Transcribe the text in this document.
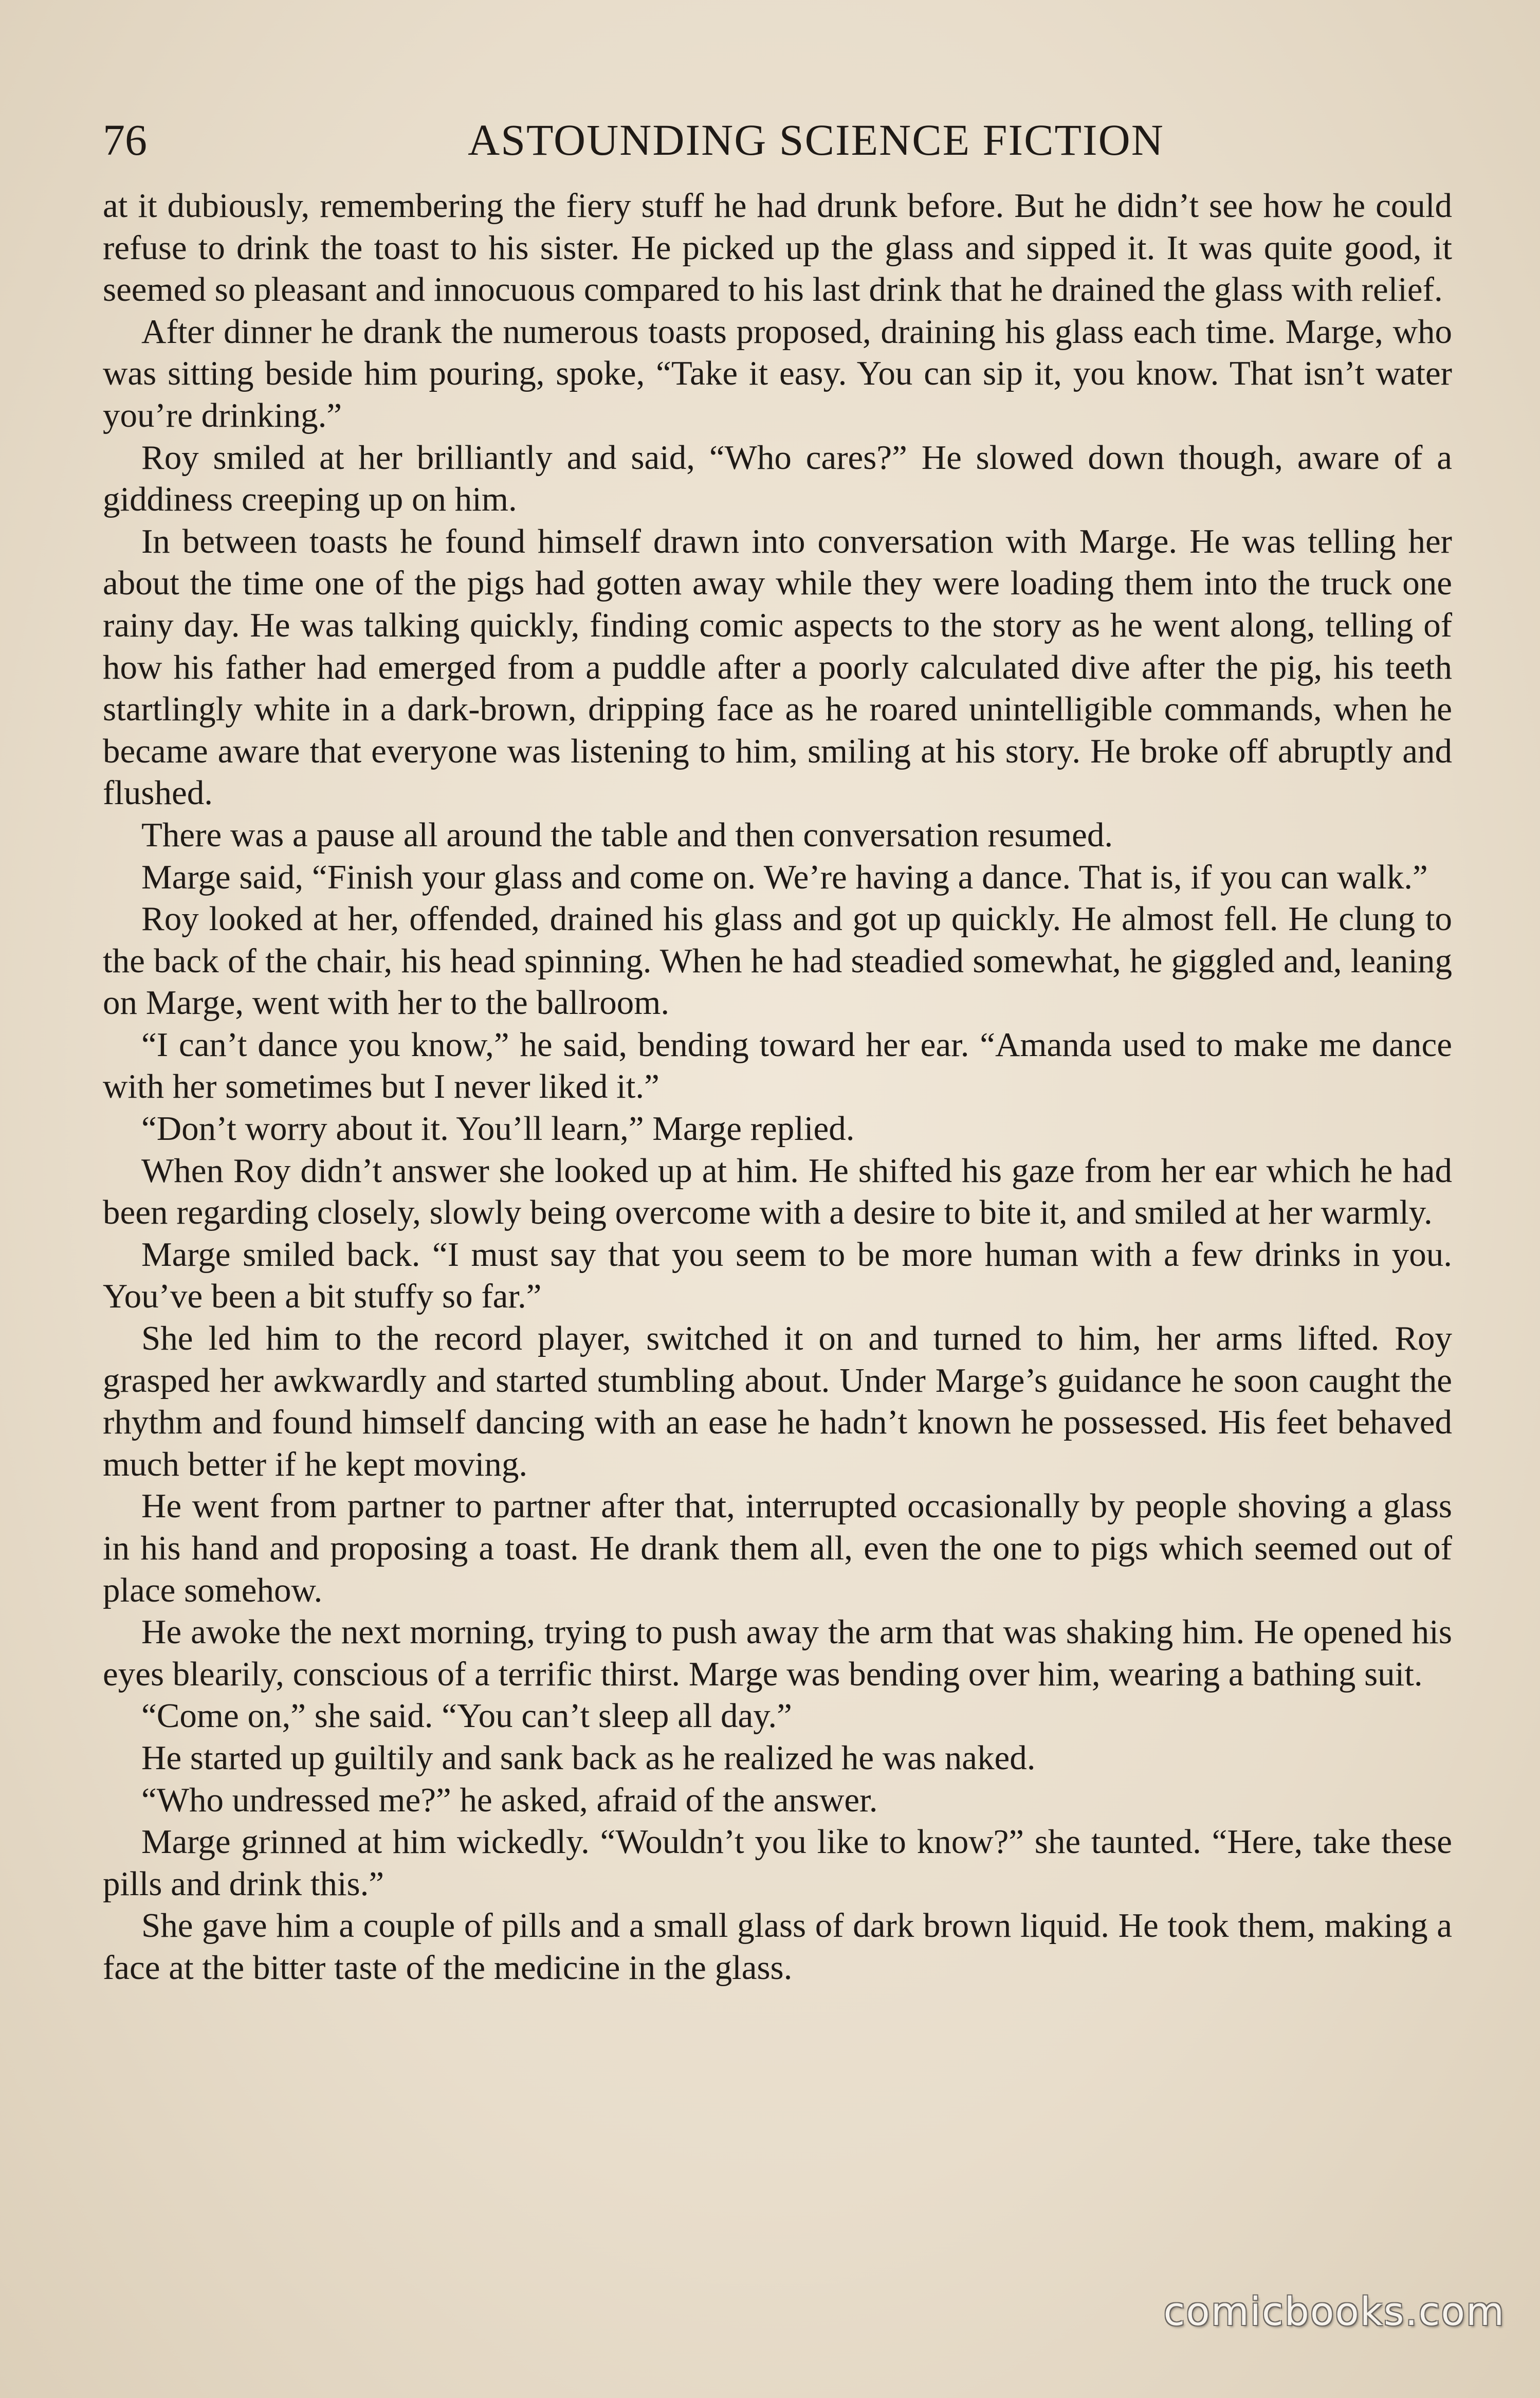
76	ASTOUNDING SCIENCE FICTION

at it dubiously, remembering the fiery stuff he had drunk before. But he didn’t see how he could refuse to drink the toast to his sister. He picked up the glass and sipped it. It was quite good, it seemed so pleasant and innocuous compared to his last drink that he drained the glass with relief.

After dinner he drank the numerous toasts proposed, draining his glass each time. Marge, who was sitting beside him pouring, spoke, “Take it easy. You can sip it, you know. That isn’t water you’re drinking.”

Roy smiled at her brilliantly and said, “Who cares?” He slowed down though, aware of a giddiness creeping up on him.

In between toasts he found himself drawn into conversation with Marge. He was telling her about the time one of the pigs had gotten away while they were loading them into the truck one rainy day. He was talking quickly, finding comic aspects to the story as he went along, telling of how his father had emerged from a puddle after a poorly calculated dive after the pig, his teeth startlingly white in a dark-brown, dripping face as he roared unintelligible commands, when he became aware that everyone was listening to him, smiling at his story. He broke off abruptly and flushed.

There was a pause all around the table and then conversation resumed.

Marge said, “Finish your glass and come on. We’re having a dance. That is, if you can walk.”

Roy looked at her, offended, drained his glass and got up quickly. He almost fell. He clung to the back of the chair, his head spinning. When he had steadied somewhat, he giggled and, leaning on Marge, went with her to the ballroom.

“I can’t dance you know,” he said, bending toward her ear. “Amanda used to make me dance with her sometimes but I never liked it.”

“Don’t worry about it. You’ll learn,” Marge replied.

When Roy didn’t answer she looked up at him. He shifted his gaze from her ear which he had been regarding closely, slowly being overcome with a desire to bite it, and smiled at her warmly.

Marge smiled back. “I must say that you seem to be more human with a few drinks in you. You’ve been a bit stuffy so far.”

She led him to the record player, switched it on and turned to him, her arms lifted. Roy grasped her awkwardly and started stumbling about. Under Marge’s guidance he soon caught the rhythm and found himself dancing with an ease he hadn’t known he possessed. His feet behaved much better if he kept moving.

He went from partner to partner after that, interrupted occasionally by people shoving a glass in his hand and proposing a toast. He drank them all, even the one to pigs which seemed out of place somehow.

He awoke the next morning, trying to push away the arm that was shaking him. He opened his eyes blearily, conscious of a terrific thirst. Marge was bending over him, wearing a bathing suit.

“Come on,” she said. “You can’t sleep all day.”

He started up guiltily and sank back as he realized he was naked.

“Who undressed me?” he asked, afraid of the answer.

Marge grinned at him wickedly. “Wouldn’t you like to know?” she taunted. “Here, take these pills and drink this.”

She gave him a couple of pills and a small glass of dark brown liquid. He took them, making a face at the bitter taste of the medicine in the glass.

comicbooks.com
